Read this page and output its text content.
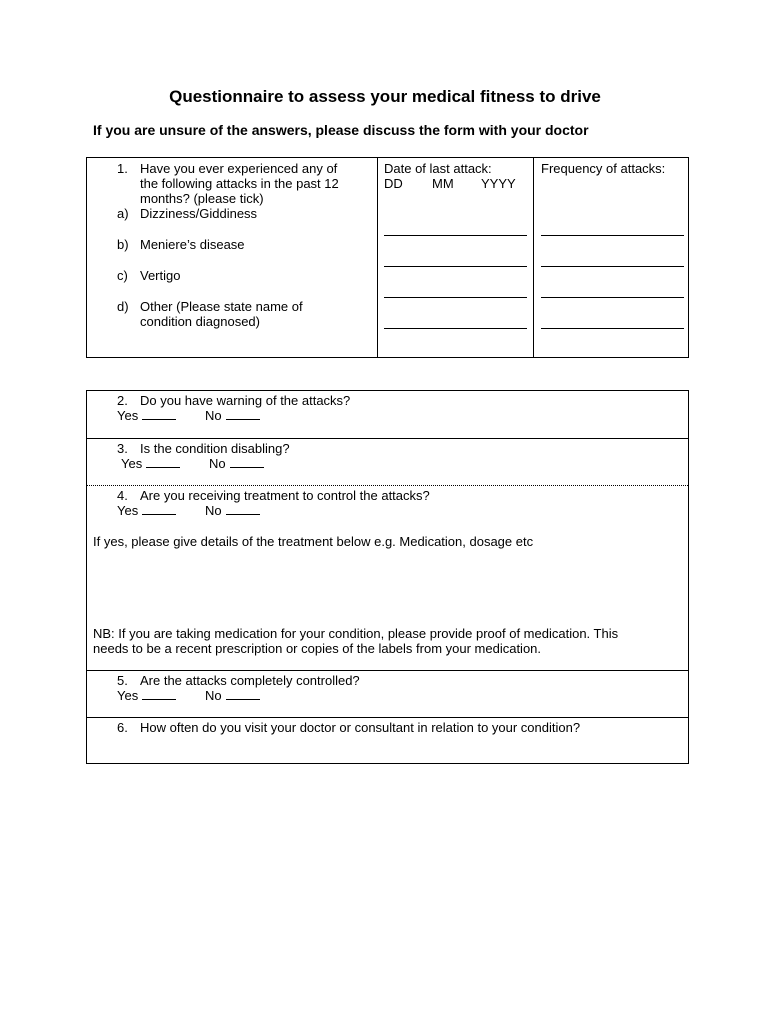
Questionnaire to assess your medical fitness to drive
If you are unsure of the answers, please discuss the form with your doctor
1. Have you ever experienced any of
the following attacks in the past 12
months? (please tick)
a) Dizziness/Giddiness
b) Meniere’s disease
c) Vertigo
d) Other (Please state name of
condition diagnosed)
Date of last attack:
DD MM YYYY
Frequency of attacks:
2. Do you have warning of the attacks?
Yes	No
3. Is the condition disabling?
Yes	No
4. Are you receiving treatment to control the attacks?
Yes	No
If yes, please give details of the treatment below e.g. Medication, dosage etc
NB: If you are taking medication for your condition, please provide proof of medication. This
needs to be a recent prescription or copies of the labels from your medication.
5. Are the attacks completely controlled?
Yes	No
6. How often do you visit your doctor or consultant in relation to your condition?
